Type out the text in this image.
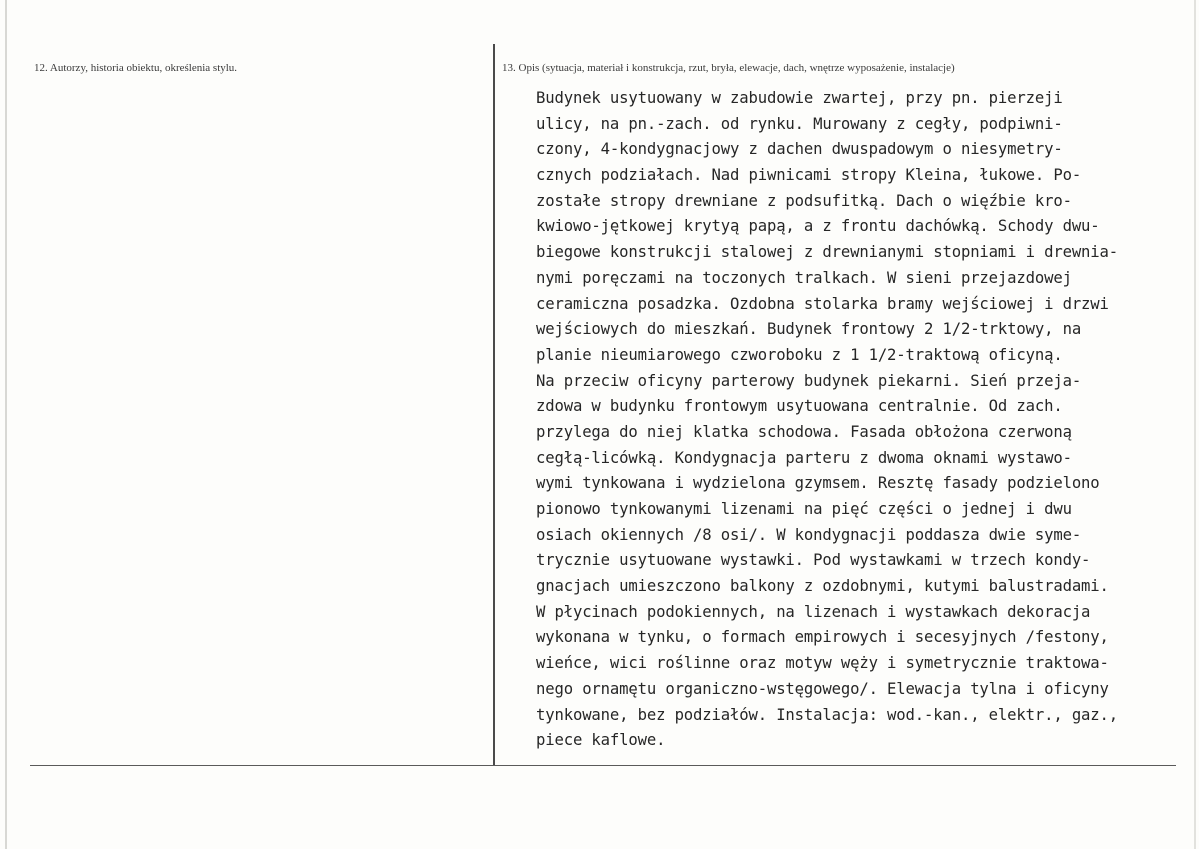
12. Autorzy, historia obiektu, określenia stylu.	13. Opis (sytuacja, materiał i konstrukcja, rzut, bryła, elewacje, dach, wnętrze wyposażenie, instalacje)
Budynek usytuowany w zabudowie zwartej, przy pn. pierzeji
ulicy, na pn.-zach. od rynku. Murowany z cegły, podpiwni-
czony, 4-kondygnacjowy z dachen dwuspadowym o niesymetry-
cznych podziałach. Nad piwnicami stropy Kleina, łukowe. Po-
zostałe stropy drewniane z podsufitką. Dach o więźbie kro-
kwiowo-jętkowej krytyą papą, a z frontu dachówką. Schody dwu-
biegowe konstrukcji stalowej z drewnianymi stopniami i drewnia-
nymi poręczami na toczonych tralkach. W sieni przejazdowej
ceramiczna posadzka. Ozdobna stolarka bramy wejściowej i drzwi
wejściowych do mieszkań. Budynek frontowy 2 1/2-trktowy, na
planie nieumiarowego czworoboku z 1 1/2-traktową oficyną.
Na przeciw oficyny parterowy budynek piekarni. Sień przeja-
zdowa w budynku frontowym usytuowana centralnie. Od zach.
przylega do niej klatka schodowa. Fasada obłożona czerwoną
cegłą-licówką. Kondygnacja parteru z dwoma oknami wystawo-
wymi tynkowana i wydzielona gzymsem. Resztę fasady podzielono
pionowo tynkowanymi lizenami na pięć części o jednej i dwu
osiach okiennych /8 osi/. W kondygnacji poddasza dwie syme-
trycznie usytuowane wystawki. Pod wystawkami w trzech kondy-
gnacjach umieszczono balkony z ozdobnymi, kutymi balustradami.
W płycinach podokiennych, na lizenach i wystawkach dekoracja
wykonana w tynku, o formach empirowych i secesyjnych /festony,
wieńce, wici roślinne oraz motyw węży i symetrycznie traktowa-
nego ornamętu organiczno-wstęgowego/. Elewacja tylna i oficyny
tynkowane, bez podziałów. Instalacja: wod.-kan., elektr., gaz.,
piece kaflowe.
